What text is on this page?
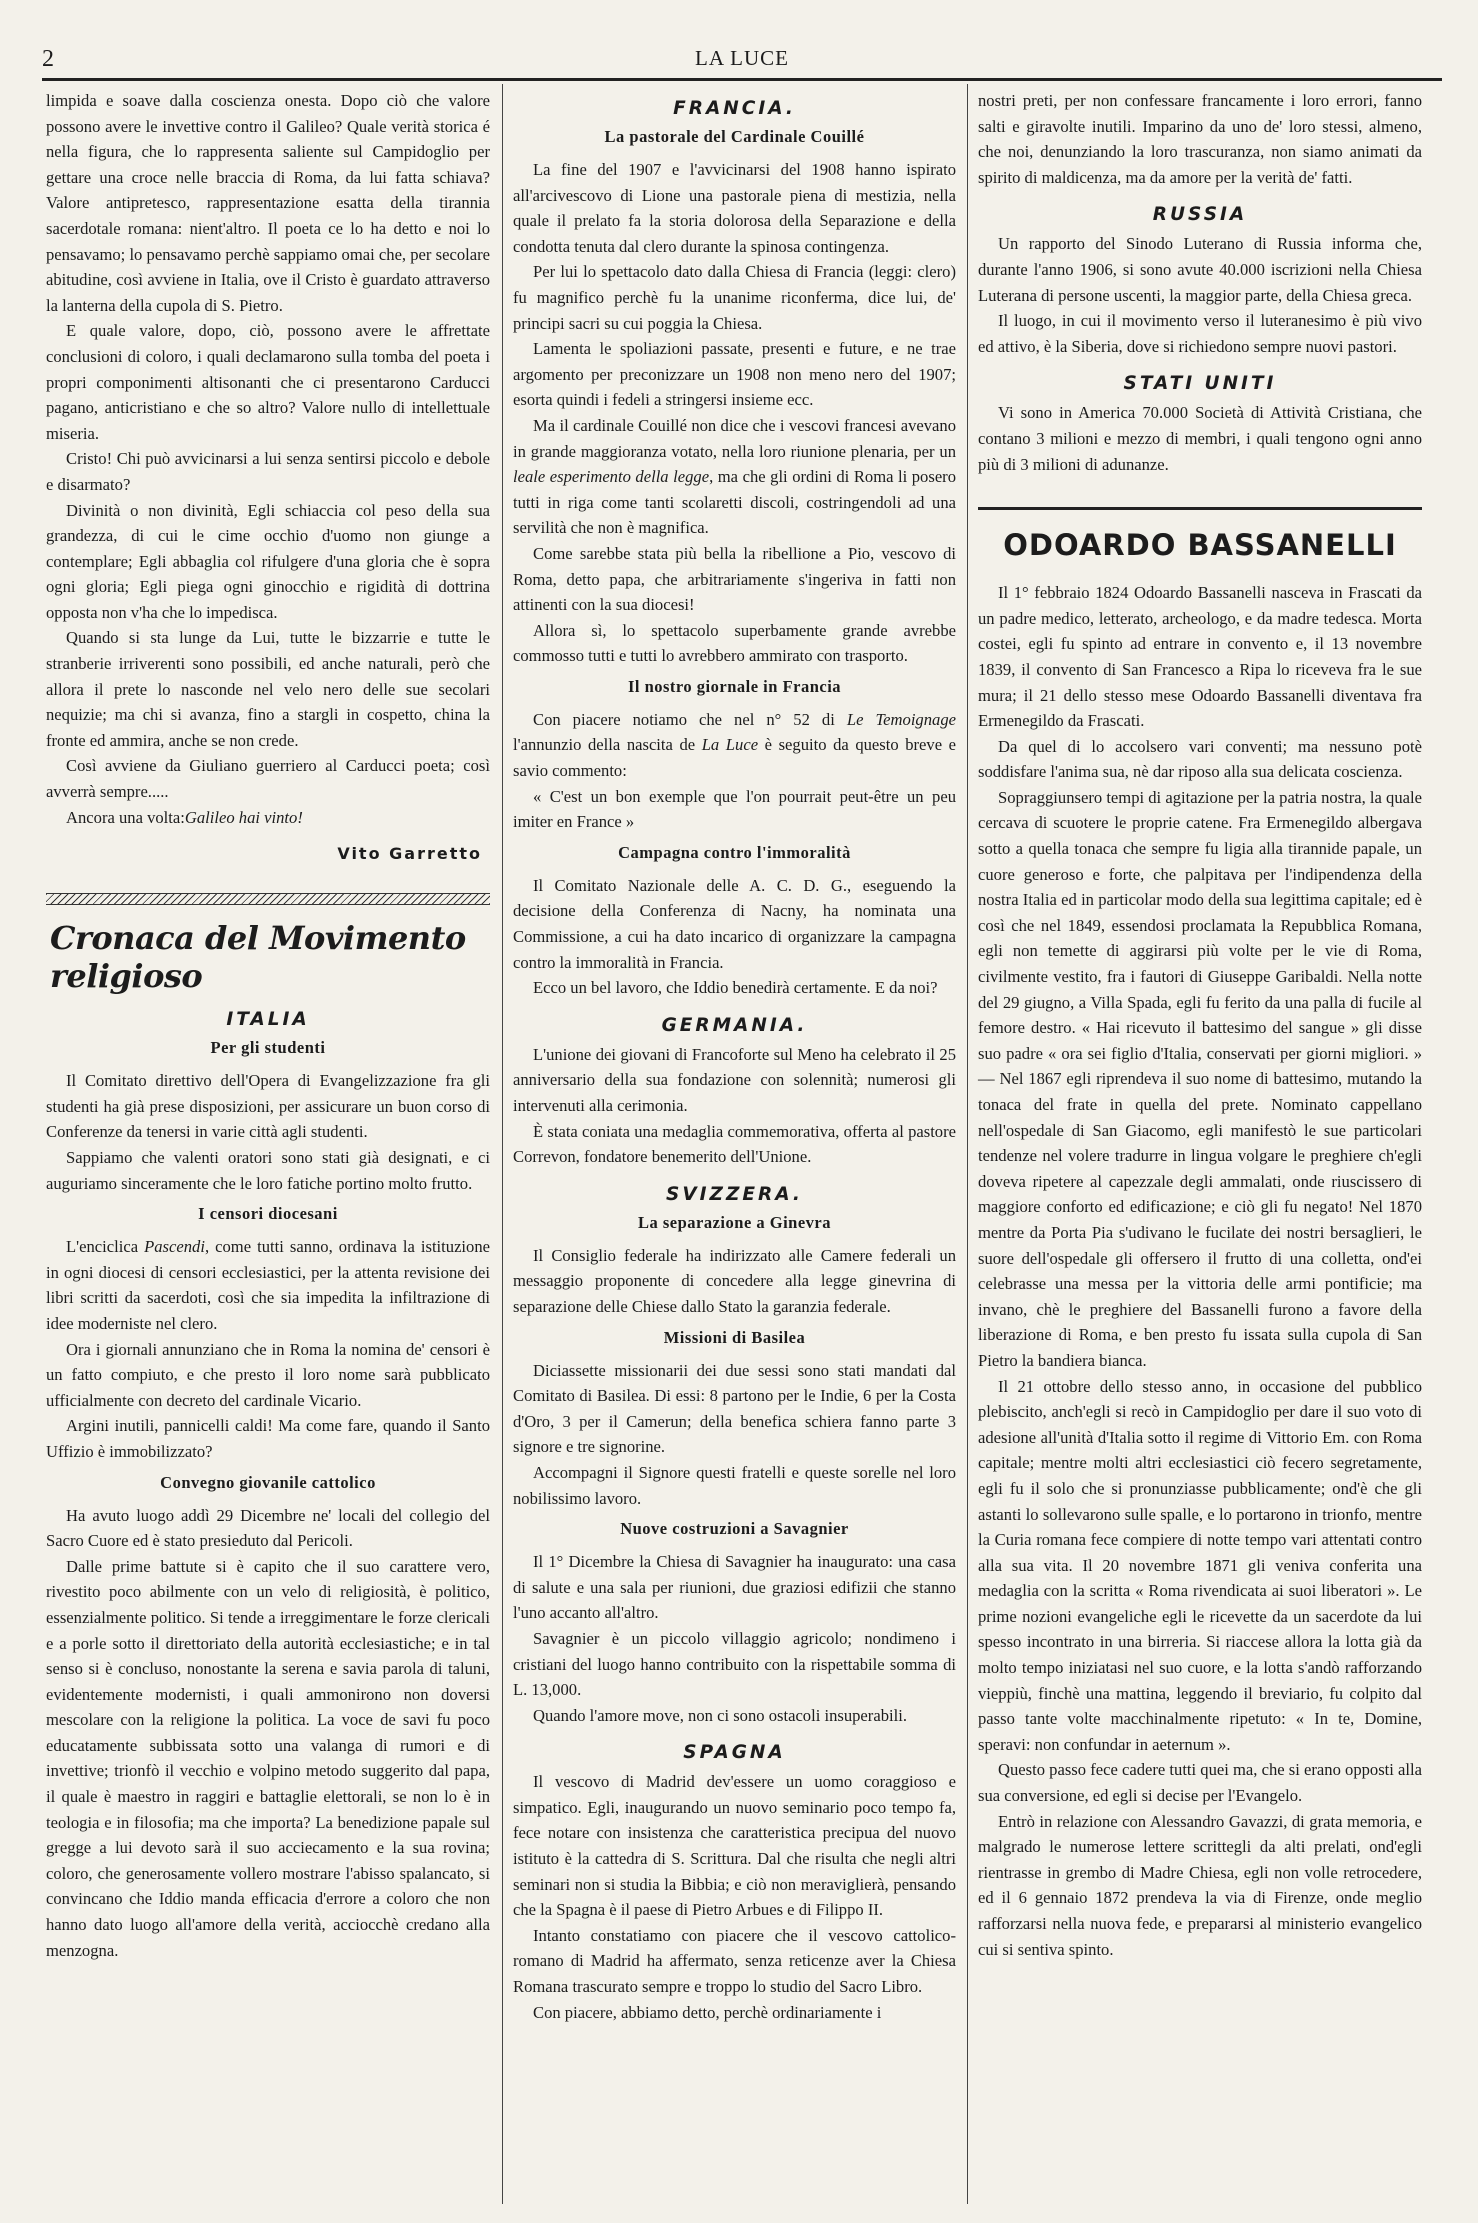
2	LA LUCE

limpida e soave dalla coscienza onesta. Dopo ciò che valore possono avere le invettive contro il Galileo? Quale verità storica é nella figura, che lo rappresenta saliente sul Campidoglio per gettare una croce nelle braccia di Roma, da lui fatta schiava? Valore antipretesco, rappresentazione esatta della tirannia sacerdotale romana: nient'altro. Il poeta ce lo ha detto e noi lo pensavamo; lo pensavamo perchè sappiamo omai che, per secolare abitudine, così avviene in Italia, ove il Cristo è guardato attraverso la lanterna della cupola di S. Pietro.

E quale valore, dopo, ciò, possono avere le affrettate conclusioni di coloro, i quali declamarono sulla tomba del poeta i propri componimenti altisonanti che ci presentarono Carducci pagano, anticristiano e che so altro? Valore nullo di intellettuale miseria.

Cristo! Chi può avvicinarsi a lui senza sentirsi piccolo e debole e disarmato?

Divinità o non divinità, Egli schiaccia col peso della sua grandezza, di cui le cime occhio d'uomo non giunge a contemplare; Egli abbaglia col rifulgere d'una gloria che è sopra ogni gloria; Egli piega ogni ginocchio e rigidità di dottrina opposta non v'ha che lo impedisca.

Quando si sta lunge da Lui, tutte le bizzarrie e tutte le stranberie irriverenti sono possibili, ed anche naturali, però che allora il prete lo nasconde nel velo nero delle sue secolari nequizie; ma chi si avanza, fino a stargli in cospetto, china la fronte ed ammira, anche se non crede.

Così avviene da Giuliano guerriero al Carducci poeta; così avverrà sempre.....

Ancora una volta:Galileo hai vinto!

Vito Garretto
Cronaca del Movimento religioso
ITALIA
Per gli studenti

Il Comitato direttivo dell'Opera di Evangelizzazione fra gli studenti ha già prese disposizioni, per assicurare un buon corso di Conferenze da tenersi in varie città agli studenti.

Sappiamo che valenti oratori sono stati già designati, e ci auguriamo sinceramente che le loro fatiche portino molto frutto.

I censori diocesani

L'enciclica Pascendi, come tutti sanno, ordinava la istituzione in ogni diocesi di censori ecclesiastici, per la attenta revisione dei libri scritti da sacerdoti, così che sia impedita la infiltrazione di idee moderniste nel clero.

Ora i giornali annunziano che in Roma la nomina de' censori è un fatto compiuto, e che presto il loro nome sarà pubblicato ufficialmente con decreto del cardinale Vicario.

Argini inutili, pannicelli caldi! Ma come fare, quando il Santo Uffizio è immobilizzato?

Convegno giovanile cattolico

Ha avuto luogo addì 29 Dicembre ne' locali del collegio del Sacro Cuore ed è stato presieduto dal Pericoli.

Dalle prime battute si è capito che il suo carattere vero, rivestito poco abilmente con un velo di religiosità, è politico, essenzialmente politico. Si tende a irreggimentare le forze clericali e a porle sotto il direttoriato della autorità ecclesiastiche; e in tal senso si è concluso, nonostante la serena e savia parola di taluni, evidentemente modernisti, i quali ammonirono non doversi mescolare con la religione la politica. La voce de savi fu poco educatamente subbissata sotto una valanga di rumori e di invettive; trionfò il vecchio e volpino metodo suggerito dal papa, il quale è maestro in raggiri e battaglie elettorali, se non lo è in teologia e in filosofia; ma che importa? La benedizione papale sul gregge a lui devoto sarà il suo acciecamento e la sua rovina; coloro, che generosamente vollero mostrare l'abisso spalancato, si convincano che Iddio manda efficacia d'errore a coloro che non hanno dato luogo all'amore della verità, acciocchè credano alla menzogna.

FRANCIA.
La pastorale del Cardinale Couillé

La fine del 1907 e l'avvicinarsi del 1908 hanno ispirato all'arcivescovo di Lione una pastorale piena di mestizia, nella quale il prelato fa la storia dolorosa della Separazione e della condotta tenuta dal clero durante la spinosa contingenza.

Per lui lo spettacolo dato dalla Chiesa di Francia (leggi: clero) fu magnifico perchè fu la unanime riconferma, dice lui, de' principi sacri su cui poggia la Chiesa.

Lamenta le spoliazioni passate, presenti e future, e ne trae argomento per preconizzare un 1908 non meno nero del 1907; esorta quindi i fedeli a stringersi insieme ecc.

Ma il cardinale Couillé non dice che i vescovi francesi avevano in grande maggioranza votato, nella loro riunione plenaria, per un leale esperimento della legge, ma che gli ordini di Roma li posero tutti in riga come tanti scolaretti discoli, costringendoli ad una servilità che non è magnifica.

Come sarebbe stata più bella la ribellione a Pio, vescovo di Roma, detto papa, che arbitrariamente s'ingeriva in fatti non attinenti con la sua diocesi!

Allora sì, lo spettacolo superbamente grande avrebbe commosso tutti e tutti lo avrebbero ammirato con trasporto.

Il nostro giornale in Francia

Con piacere notiamo che nel n° 52 di Le Temoignage l'annunzio della nascita de La Luce è seguito da questo breve e savio commento:

« C'est un bon exemple que l'on pourrait peut-être un peu imiter en France »

Campagna contro l'immoralità

Il Comitato Nazionale delle A. C. D. G., eseguendo la decisione della Conferenza di Nacny, ha nominata una Commissione, a cui ha dato incarico di organizzare la campagna contro la immoralità in Francia.

Ecco un bel lavoro, che Iddio benedirà certamente. E da noi?

GERMANIA.

L'unione dei giovani di Francoforte sul Meno ha celebrato il 25 anniversario della sua fondazione con solennità; numerosi gli intervenuti alla cerimonia.

È stata coniata una medaglia commemorativa, offerta al pastore Correvon, fondatore benemerito dell'Unione.

SVIZZERA.
La separazione a Ginevra

Il Consiglio federale ha indirizzato alle Camere federali un messaggio proponente di concedere alla legge ginevrina di separazione delle Chiese dallo Stato la garanzia federale.

Missioni di Basilea

Diciassette missionarii dei due sessi sono stati mandati dal Comitato di Basilea. Di essi: 8 partono per le Indie, 6 per la Costa d'Oro, 3 per il Camerun; della benefica schiera fanno parte 3 signore e tre signorine.

Accompagni il Signore questi fratelli e queste sorelle nel loro nobilissimo lavoro.

Nuove costruzioni a Savagnier

Il 1° Dicembre la Chiesa di Savagnier ha inaugurato: una casa di salute e una sala per riunioni, due graziosi edifizii che stanno l'uno accanto all'altro.

Savagnier è un piccolo villaggio agricolo; nondimeno i cristiani del luogo hanno contribuito con la rispettabile somma di L. 13,000.

Quando l'amore move, non ci sono ostacoli insuperabili.

SPAGNA

Il vescovo di Madrid dev'essere un uomo coraggioso e simpatico. Egli, inaugurando un nuovo seminario poco tempo fa, fece notare con insistenza che caratteristica precipua del nuovo istituto è la cattedra di S. Scrittura. Dal che risulta che negli altri seminari non si studia la Bibbia; e ciò non meraviglierà, pensando che la Spagna è il paese di Pietro Arbues e di Filippo II.

Intanto constatiamo con piacere che il vescovo cattolico-romano di Madrid ha affermato, senza reticenze aver la Chiesa Romana trascurato sempre e troppo lo studio del Sacro Libro.

Con piacere, abbiamo detto, perchè ordinariamente i

nostri preti, per non confessare francamente i loro errori, fanno salti e giravolte inutili. Imparino da uno de' loro stessi, almeno, che noi, denunziando la loro trascuranza, non siamo animati da spirito di maldicenza, ma da amore per la verità de' fatti.

RUSSIA

Un rapporto del Sinodo Luterano di Russia informa che, durante l'anno 1906, si sono avute 40.000 iscrizioni nella Chiesa Luterana di persone uscenti, la maggior parte, della Chiesa greca.

Il luogo, in cui il movimento verso il luteranesimo è più vivo ed attivo, è la Siberia, dove si richiedono sempre nuovi pastori.

STATI UNITI

Vi sono in America 70.000 Società di Attività Cristiana, che contano 3 milioni e mezzo di membri, i quali tengono ogni anno più di 3 milioni di adunanze.

ODOARDO BASSANELLI

Il 1° febbraio 1824 Odoardo Bassanelli nasceva in Frascati da un padre medico, letterato, archeologo, e da madre tedesca. Morta costei, egli fu spinto ad entrare in convento e, il 13 novembre 1839, il convento di San Francesco a Ripa lo riceveva fra le sue mura; il 21 dello stesso mese Odoardo Bassanelli diventava fra Ermenegildo da Frascati.

Da quel di lo accolsero vari conventi; ma nessuno potè soddisfare l'anima sua, nè dar riposo alla sua delicata coscienza.

Sopraggiunsero tempi di agitazione per la patria nostra, la quale cercava di scuotere le proprie catene. Fra Ermenegildo albergava sotto a quella tonaca che sempre fu ligia alla tirannide papale, un cuore generoso e forte, che palpitava per l'indipendenza della nostra Italia ed in particolar modo della sua legittima capitale; ed è così che nel 1849, essendosi proclamata la Repubblica Romana, egli non temette di aggirarsi più volte per le vie di Roma, civilmente vestito, fra i fautori di Giuseppe Garibaldi. Nella notte del 29 giugno, a Villa Spada, egli fu ferito da una palla di fucile al femore destro. « Hai ricevuto il battesimo del sangue » gli disse suo padre « ora sei figlio d'Italia, conservati per giorni migliori. » — Nel 1867 egli riprendeva il suo nome di battesimo, mutando la tonaca del frate in quella del prete. Nominato cappellano nell'ospedale di San Giacomo, egli manifestò le sue particolari tendenze nel volere tradurre in lingua volgare le preghiere ch'egli doveva ripetere al capezzale degli ammalati, onde riuscissero di maggiore conforto ed edificazione; e ciò gli fu negato! Nel 1870 mentre da Porta Pia s'udivano le fucilate dei nostri bersaglieri, le suore dell'ospedale gli offersero il frutto di una colletta, ond'ei celebrasse una messa per la vittoria delle armi pontificie; ma invano, chè le preghiere del Bassanelli furono a favore della liberazione di Roma, e ben presto fu issata sulla cupola di San Pietro la bandiera bianca.

Il 21 ottobre dello stesso anno, in occasione del pubblico plebiscito, anch'egli si recò in Campidoglio per dare il suo voto di adesione all'unità d'Italia sotto il regime di Vittorio Em. con Roma capitale; mentre molti altri ecclesiastici ciò fecero segretamente, egli fu il solo che si pronunziasse pubblicamente; ond'è che gli astanti lo sollevarono sulle spalle, e lo portarono in trionfo, mentre la Curia romana fece compiere di notte tempo vari attentati contro alla sua vita. Il 20 novembre 1871 gli veniva conferita una medaglia con la scritta « Roma rivendicata ai suoi liberatori ». Le prime nozioni evangeliche egli le ricevette da un sacerdote da lui spesso incontrato in una birreria. Si riaccese allora la lotta già da molto tempo iniziatasi nel suo cuore, e la lotta s'andò rafforzando vieppiù, finchè una mattina, leggendo il breviario, fu colpito dal passo tante volte macchinalmente ripetuto: « In te, Domine, speravi: non confundar in aeternum ».

Questo passo fece cadere tutti quei ma, che si erano opposti alla sua conversione, ed egli si decise per l'Evangelo.

Entrò in relazione con Alessandro Gavazzi, di grata memoria, e malgrado le numerose lettere scrittegli da alti prelati, ond'egli rientrasse in grembo di Madre Chiesa, egli non volle retrocedere, ed il 6 gennaio 1872 prendeva la via di Firenze, onde meglio rafforzarsi nella nuova fede, e prepararsi al ministerio evangelico cui si sentiva spinto.
